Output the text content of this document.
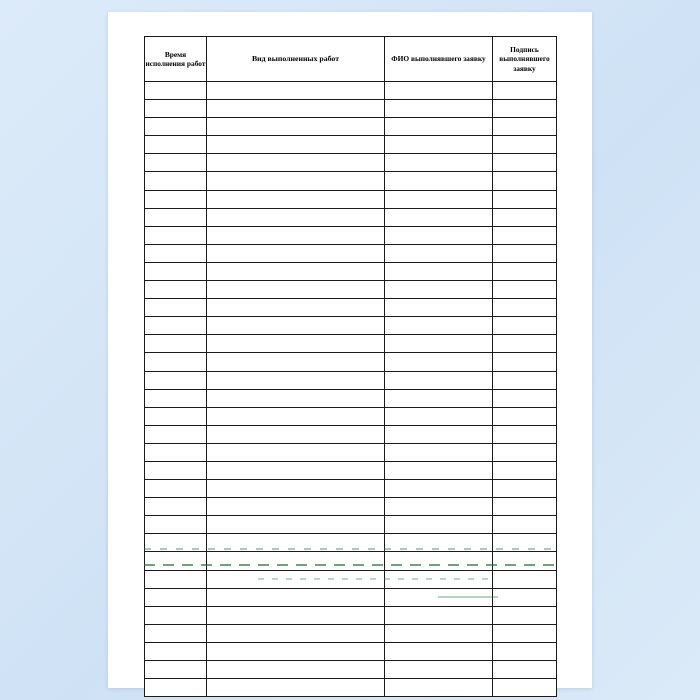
Время исполнения работ	Вид выполненных работ	ФИО выполнявшего заявку	Подпись выполнявшего заявку
